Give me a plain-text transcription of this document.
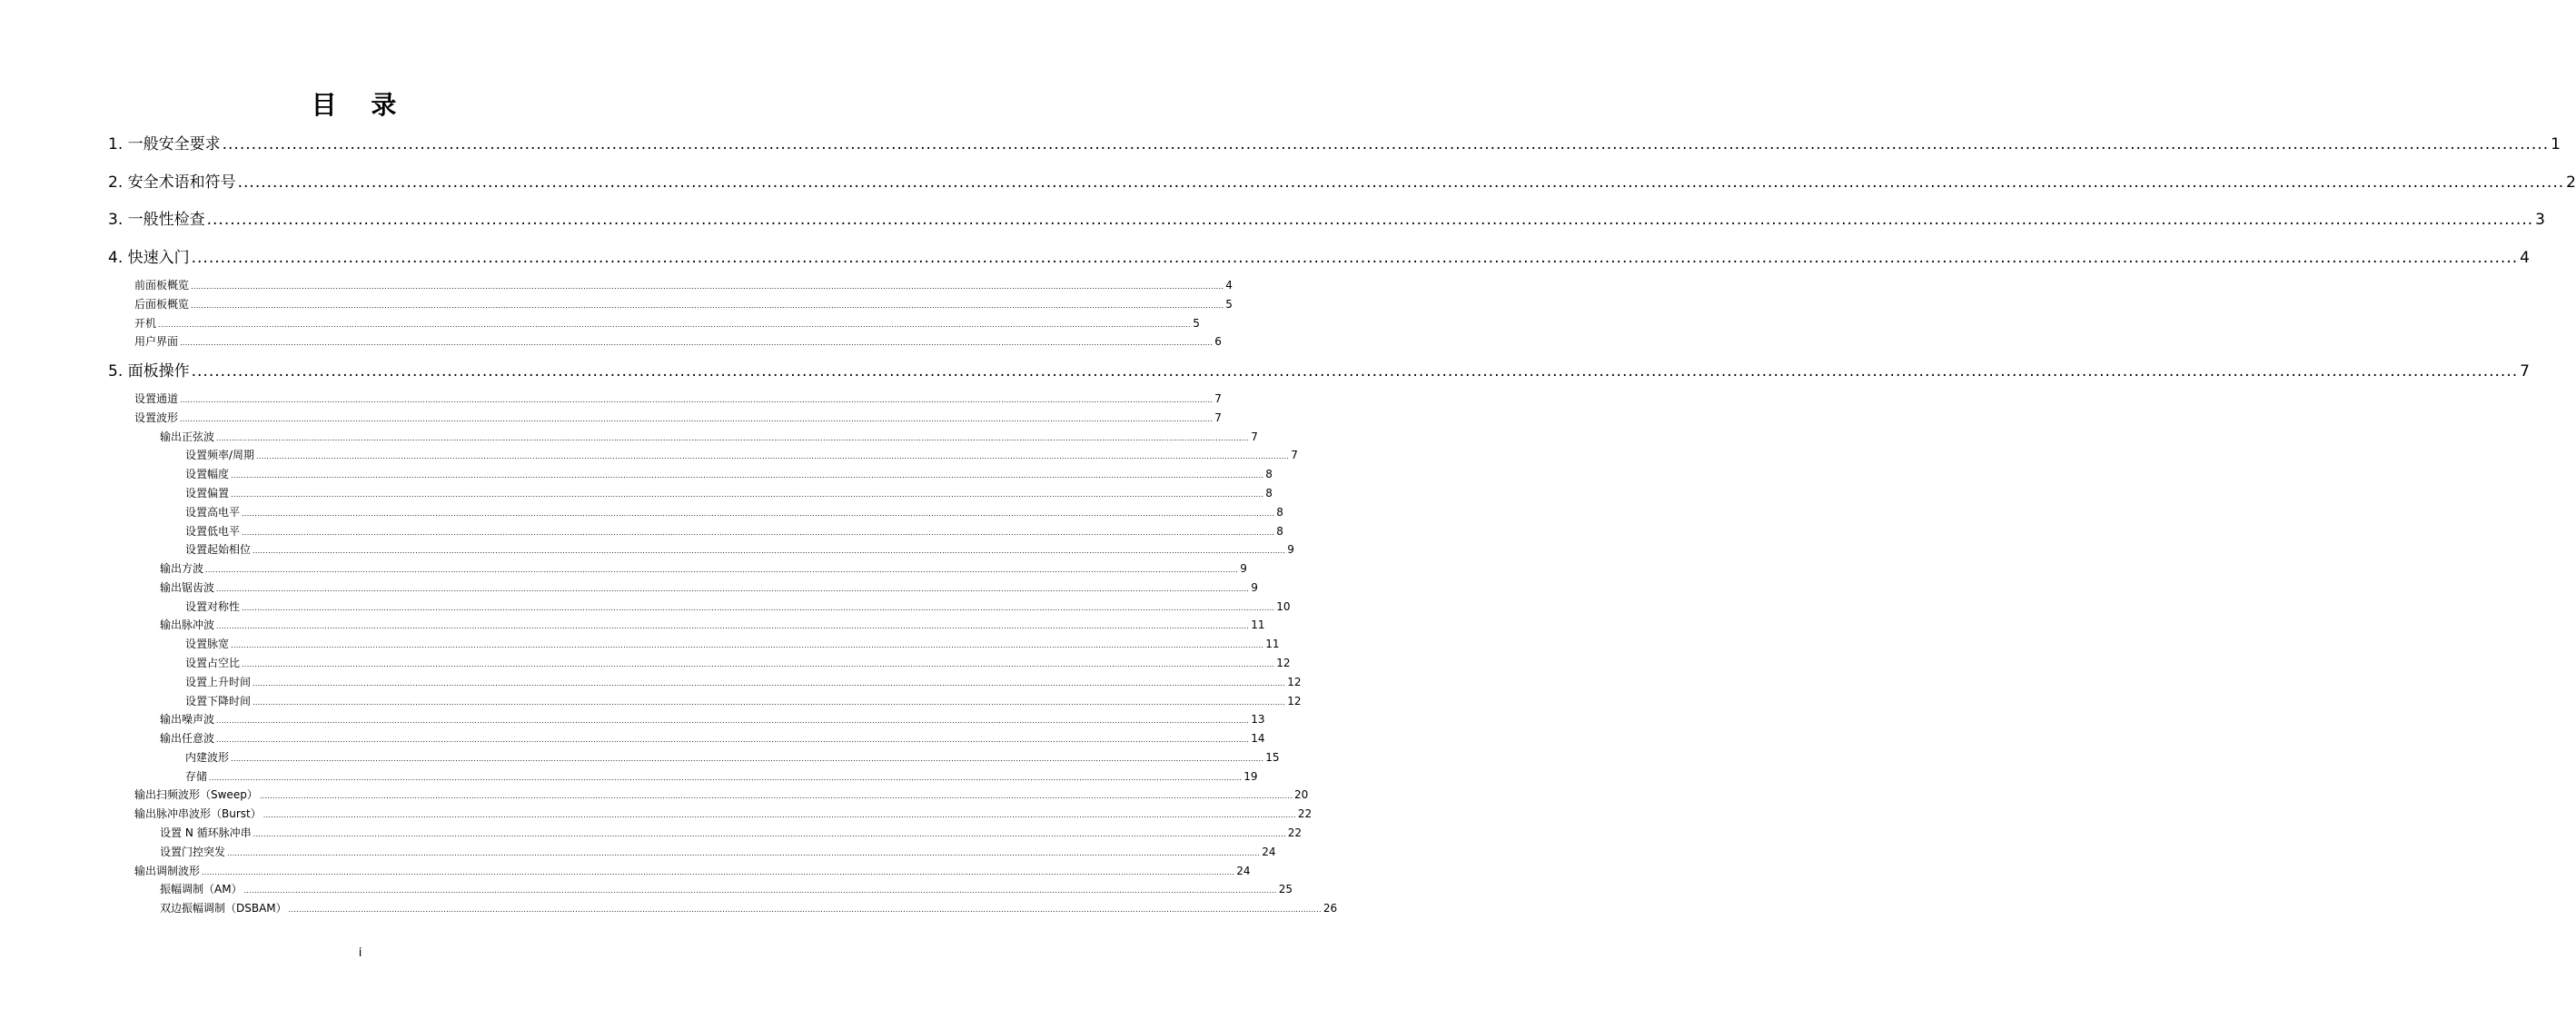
目 录
1. 一般安全要求 ................................................................................................................................................................................................................................................................................................................................................................................................................ 1
2. 安全术语和符号 ................................................................................................................................................................................................................................................................................................................................................................................................................ 2
3. 一般性检查 ................................................................................................................................................................................................................................................................................................................................................................................................................ 3
4. 快速入门 ................................................................................................................................................................................................................................................................................................................................................................................................................ 4
前面板概览 ................................................................................................................................................................................................................................................................................................................................................................................................................ 4
后面板概览 ................................................................................................................................................................................................................................................................................................................................................................................................................ 5
开机 ................................................................................................................................................................................................................................................................................................................................................................................................................ 5
用户界面 ................................................................................................................................................................................................................................................................................................................................................................................................................ 6
5. 面板操作 ................................................................................................................................................................................................................................................................................................................................................................................................................ 7
设置通道 ................................................................................................................................................................................................................................................................................................................................................................................................................ 7
设置波形 ................................................................................................................................................................................................................................................................................................................................................................................................................ 7
输出正弦波 ................................................................................................................................................................................................................................................................................................................................................................................................................ 7
设置频率/周期 ................................................................................................................................................................................................................................................................................................................................................................................................................ 7
设置幅度 ................................................................................................................................................................................................................................................................................................................................................................................................................ 8
设置偏置 ................................................................................................................................................................................................................................................................................................................................................................................................................ 8
设置高电平 ................................................................................................................................................................................................................................................................................................................................................................................................................ 8
设置低电平 ................................................................................................................................................................................................................................................................................................................................................................................................................ 8
设置起始相位 ................................................................................................................................................................................................................................................................................................................................................................................................................ 9
输出方波 ................................................................................................................................................................................................................................................................................................................................................................................................................ 9
输出锯齿波 ................................................................................................................................................................................................................................................................................................................................................................................................................ 9
设置对称性 ................................................................................................................................................................................................................................................................................................................................................................................................................ 10
输出脉冲波 ................................................................................................................................................................................................................................................................................................................................................................................................................ 11
设置脉宽 ................................................................................................................................................................................................................................................................................................................................................................................................................ 11
设置占空比 ................................................................................................................................................................................................................................................................................................................................................................................................................ 12
设置上升时间 ................................................................................................................................................................................................................................................................................................................................................................................................................ 12
设置下降时间 ................................................................................................................................................................................................................................................................................................................................................................................................................ 12
输出噪声波 ................................................................................................................................................................................................................................................................................................................................................................................................................ 13
输出任意波 ................................................................................................................................................................................................................................................................................................................................................................................................................ 14
内建波形 ................................................................................................................................................................................................................................................................................................................................................................................................................ 15
存储 ................................................................................................................................................................................................................................................................................................................................................................................................................ 19
输出扫频波形（Sweep） ................................................................................................................................................................................................................................................................................................................................................................................................................ 20
输出脉冲串波形（Burst） ................................................................................................................................................................................................................................................................................................................................................................................................................ 22
设置 N 循环脉冲串 ................................................................................................................................................................................................................................................................................................................................................................................................................ 22
设置门控突发 ................................................................................................................................................................................................................................................................................................................................................................................................................ 24
输出调制波形 ................................................................................................................................................................................................................................................................................................................................................................................................................ 24
振幅调制（AM） ................................................................................................................................................................................................................................................................................................................................................................................................................ 25
双边振幅调制（DSBAM） ................................................................................................................................................................................................................................................................................................................................................................................................................ 26
i
